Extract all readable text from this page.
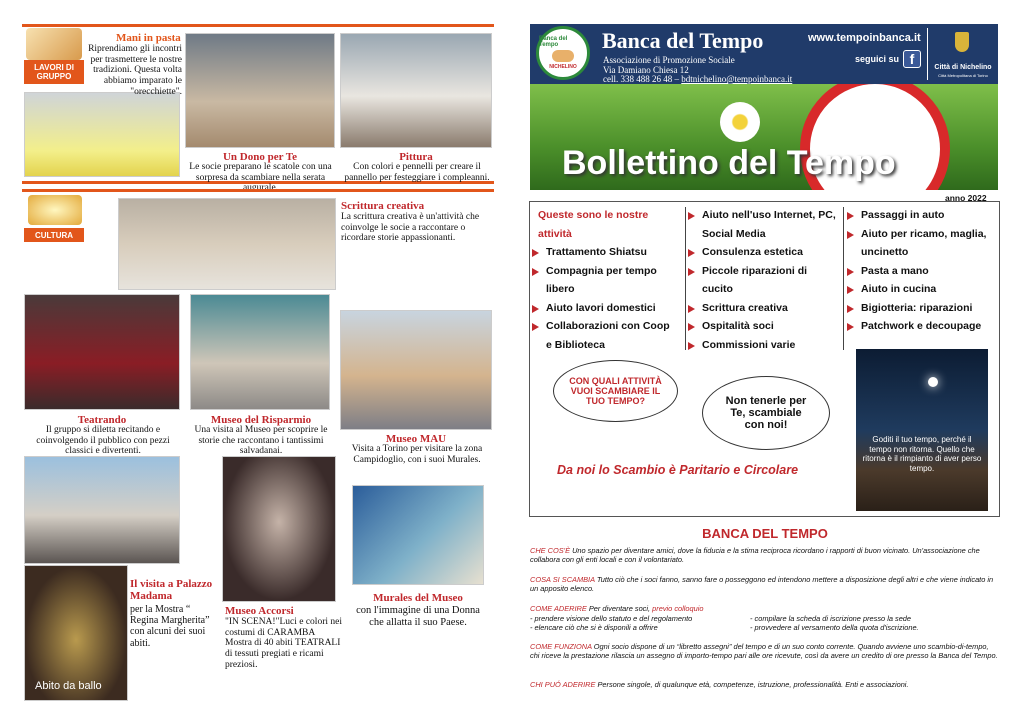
LAVORI DI GRUPPO
Mani in pasta
Riprendiamo gli incontri per trasmettere le nostre tradizioni. Questa volta abbiamo imparato le "orecchiette".
Un Dono per Te
Le socie preparano le scatole con una sorpresa da scambiare nella serata
Pittura
Con colori e pennelli per creare il pannello per festeggiare i compleanni.
CULTURA
Scrittura creativa
La scrittura creativa è un'attività che coinvolge le socie a raccontare o ricordare storie appassionanti.
Teatrando
Il gruppo si diletta recitando e coinvolgendo il pubblico con pezzi classici e divertenti.
Museo del Risparmio
Una visita al Museo per scoprire le storie che raccontano i tantissimi salvadanai.
Museo MAU
Visita a Torino per visitare la zona Campidoglio, con i suoi Murales.
Abito da ballo
Il visita a Palazzo Madama
per la Mostra “ Regina Margherita” con alcuni dei suoi abiti.
Museo Accorsi
"IN SCENA!"Luci e colori nei costumi di CARAMBA Mostra di 40 abiti TEATRALI di tessuti pregiati e ricami preziosi.
Murales del Museo
con l'immagine di una Donna che allatta il suo Paese.
Banca del Tempo
NICHELINO
Banca del Tempo
Associazione di Promozione Sociale
Via Damiano Chiesa 12
cell. 338 488 26 48 – bdtnichelino@tempoinbanca.it
www.tempoinbanca.it
seguici su f
Città di Nichelino
Città Metropolitana di Torino
Bollettino del Tempo
anno 2022
Queste sono le nostre attività
Trattamento Shiatsu
Compagnia per tempo libero
Aiuto lavori domestici
Collaborazioni con Coop e Biblioteca
Aiuto nell'uso Internet, PC, Social Media
Consulenza estetica
Piccole riparazioni di cucito
Scrittura creativa
Ospitalità soci
Commissioni varie
Passaggi in auto
Aiuto per ricamo, maglia, uncinetto
Pasta a mano
Aiuto in cucina
Bigiotteria: riparazioni
Patchwork e decoupage
CON QUALI ATTIVITÀ VUOI SCAMBIARE IL TUO TEMPO?	Non tenerle per Te, scambiale con noi!
Da noi lo Scambio è Paritario e Circolare
Goditi il tuo tempo, perché il tempo non ritorna. Quello che ritorna è il rimpianto di aver perso tempo.
BANCA DEL TEMPO
CHE COS'È Uno spazio per diventare amici, dove la fiducia e la stima reciproca ricordano i rapporti di buon vicinato. Un'associazione che collabora con gli enti locali e con il volontariato.
COSA SI SCAMBIA Tutto ciò che i soci fanno, sanno fare o posseggono ed intendono mettere a disposizione degli altri e che viene indicato in un apposito elenco.
COME ADERIRE Per diventare soci, previo colloquio
- prendere visione dello statuto e del regolamento	- compilare la scheda di iscrizione presso la sede
- elencare ciò che si è disponili a offrire	- provvedere al versamento della quota d'iscrizione.
COME FUNZIONA Ogni socio dispone di un “libretto assegni” del tempo e di un suo conto corrente. Quando avviene uno scambio-di-tempo, chi riceve la prestazione rilascia un assegno di importo-tempo pari alle ore ricevute, così da avere un credito di ore presso la Banca del Tempo.
CHI PUÓ ADERIRE Persone singole, di qualunque età, competenze, istruzione, professionalità. Enti e associazioni.
